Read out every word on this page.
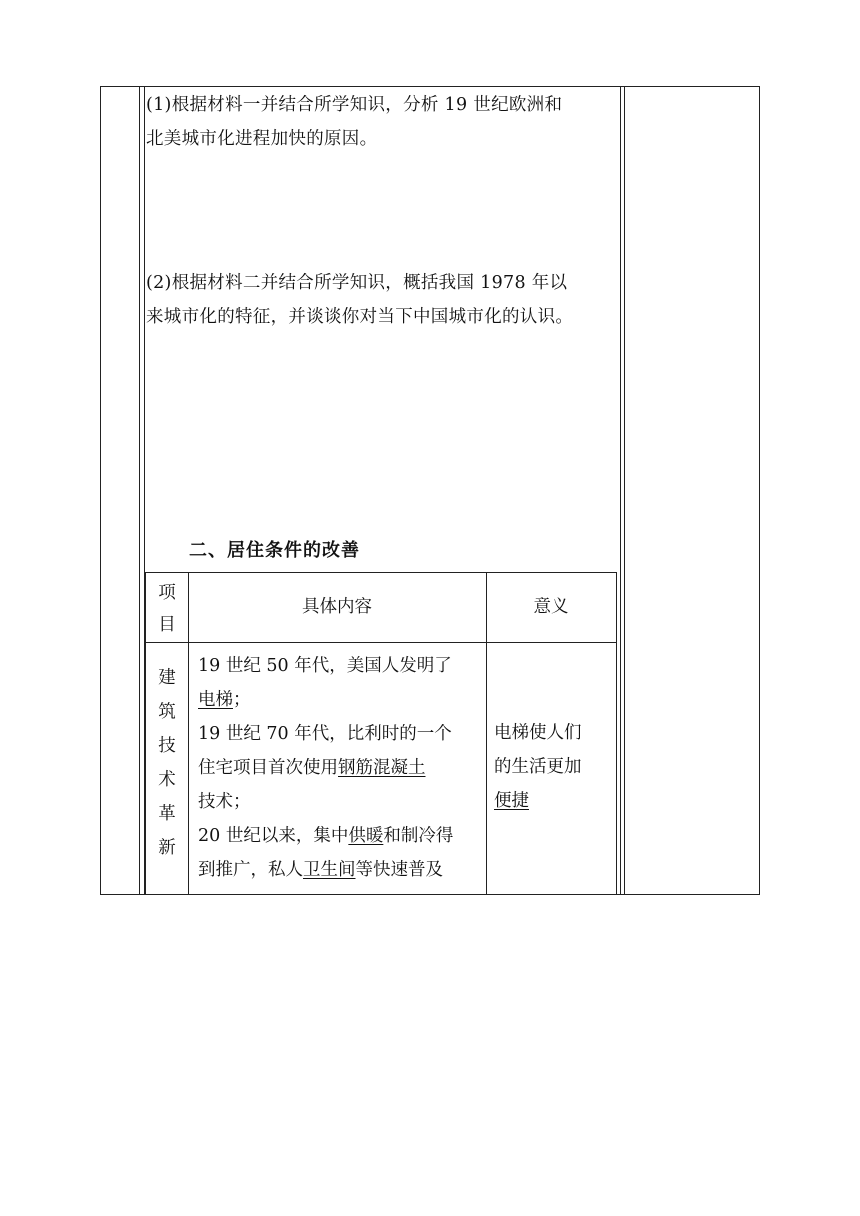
(1)根据材料一并结合所学知识，分析 19 世纪欧洲和
北美城市化进程加快的原因。
(2)根据材料二并结合所学知识，概括我国 1978 年以
来城市化的特征，并谈谈你对当下中国城市化的认识。
二、居住条件的改善
项
目
具体内容	意义
建
筑
技
术
革
新
19 世纪 50 年代，美国人发明了
电梯；
19 世纪 70 年代，比利时的一个
住宅项目首次使用钢筋混凝土
技术；
20 世纪以来，集中供暖和制冷得
到推广，私人卫生间等快速普及
电梯使人们
的生活更加
便捷
